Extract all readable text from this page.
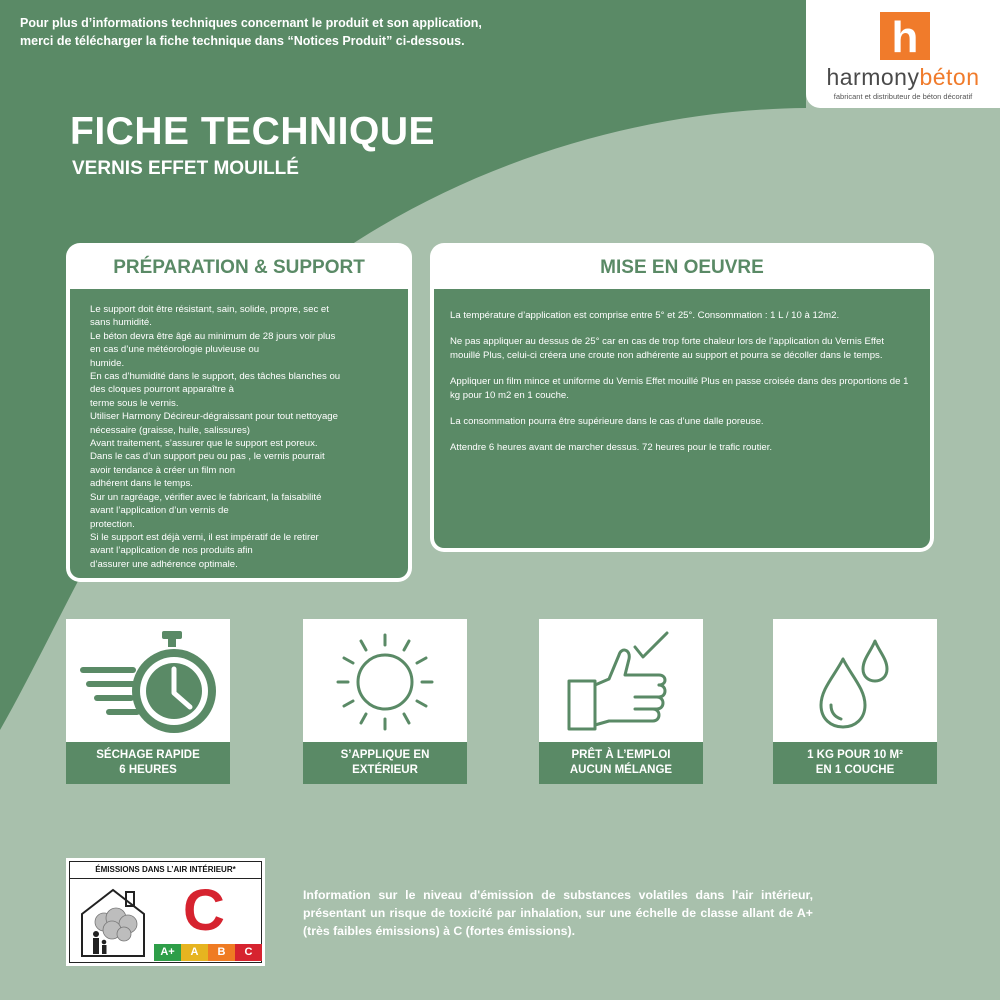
Pour plus d’informations techniques concernant le produit et son application,
merci de télécharger la fiche technique dans “Notices Produit” ci-dessous.	h
harmonybéton
fabricant et distributeur de béton décoratif
FICHE TECHNIQUE
VERNIS EFFET MOUILLÉ
PRÉPARATION & SUPPORT
Le support doit être résistant, sain, solide, propre, sec et
sans humidité.
Le béton devra être âgé au minimum de 28 jours voir plus
en cas d’une météorologie pluvieuse ou
humide.
En cas d’humidité dans le support, des tâches blanches ou
des cloques pourront apparaître à
terme sous le vernis.
Utiliser Harmony Décireur-dégraissant pour tout nettoyage
nécessaire (graisse, huile, salissures)
Avant traitement, s’assurer que le support est poreux.
Dans le cas d’un support peu ou pas , le vernis pourrait
avoir tendance à créer un film non
adhérent dans le temps.
Sur un ragréage, vérifier avec le fabricant, la faisabilité
avant l’application d’un vernis de
protection.
Si le support est déjà verni, il est impératif de le retirer
avant l’application de nos produits afin
d’assurer une adhérence optimale.
MISE EN OEUVRE

La température d’application est comprise entre 5° et 25°. Consommation : 1 L / 10 à 12m2.

Ne pas appliquer au dessus de 25° car en cas de trop forte chaleur lors de l’application du Vernis Effet mouillé Plus, celui-ci créera une croute non adhérente au support et pourra se décoller dans le temps.

Appliquer un film mince et uniforme du Vernis Effet mouillé Plus en passe croisée dans des proportions de 1 kg pour 10 m2 en 1 couche.

La consommation pourra être supérieure dans le cas d’une dalle poreuse.

Attendre 6 heures avant de marcher dessus. 72 heures pour le trafic routier.

SÉCHAGE RAPIDE
6 HEURES
S’APPLIQUE EN
EXTÉRIEUR
PRÊT À L’EMPLOI
AUCUN MÉLANGE
1 KG POUR 10 M²
EN 1 COUCHE
ÉMISSIONS DANS L’AIR INTÉRIEUR*
C
A+	A	B	C
Information sur le niveau d'émission de substances volatiles dans l'air intérieur, présentant un risque de toxicité par inhalation, sur une échelle de classe allant de A+ (très faibles émissions) à C (fortes émissions).
